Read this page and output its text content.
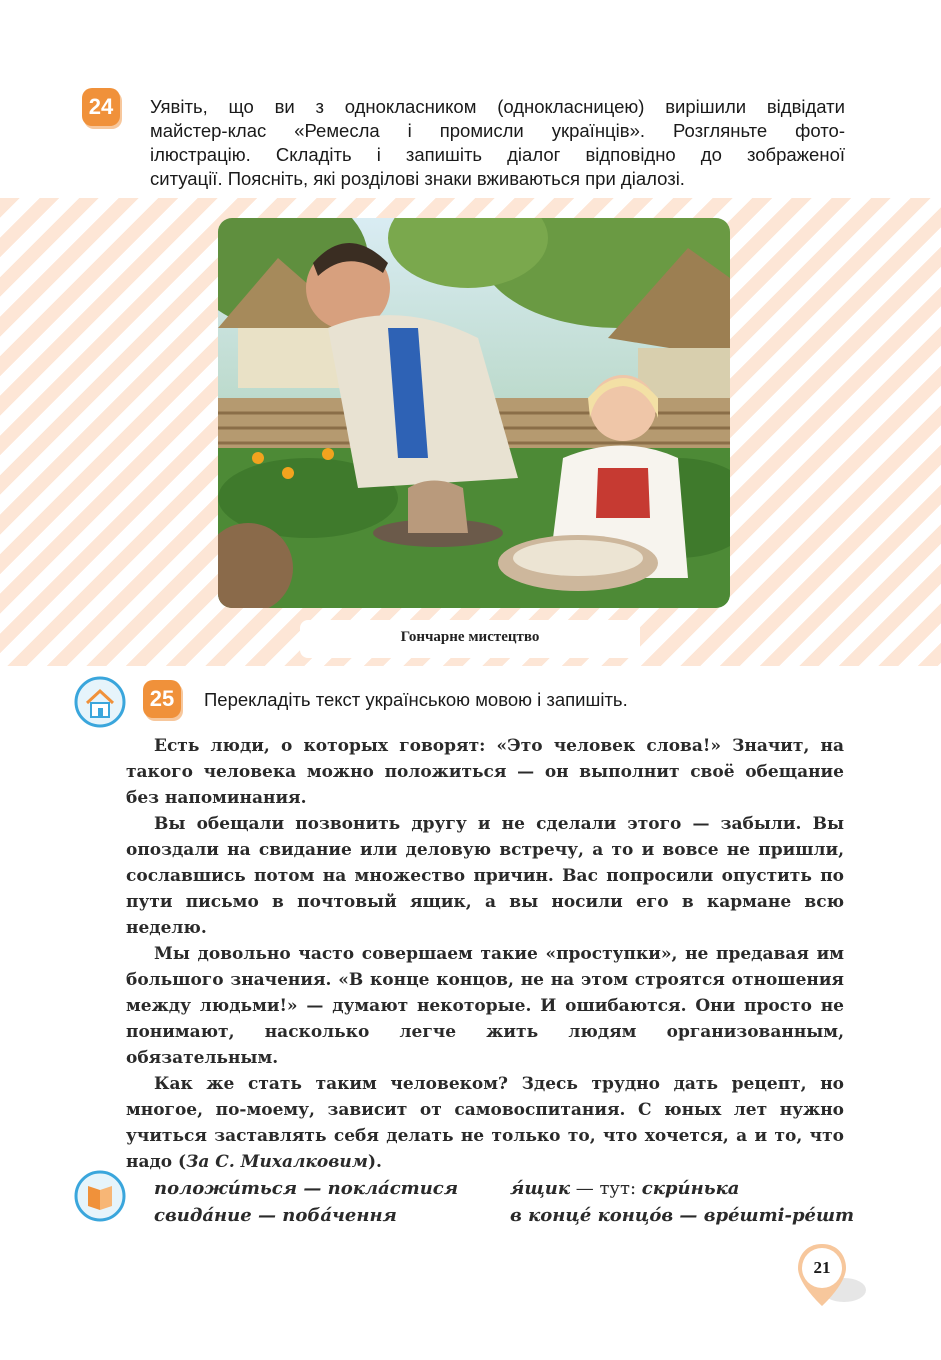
24 Уявіть, що ви з однокласником (однокласницею) вирішили відвідати
майстер-клас «Ремесла і промисли українців». Розгляньте фото-
ілюстрацію. Складіть і запишіть діалог відповідно до зображеної
ситуації. Поясніть, які розділові знаки вживаються при діалозі.
Гончарне мистецтво
25 Перекладіть текст українською мовою і запишіть.

Есть люди, о которых говорят: «Это человек слова!» Значит, на такого человека можно положиться — он выполнит своё обещание без напоминания.

Вы обещали позвонить другу и не сделали этого — забыли. Вы опоздали на свидание или деловую встречу, а то и вовсе не пришли, сославшись потом на множество причин. Вас попросили опустить по пути письмо в почтовый ящик, а вы носили его в кармане всю неделю.

Мы довольно часто совершаем такие «проступки», не предавая им большого значения. «В конце концов, не на этом строятся отношения между людьми!» — думают некоторые. И ошибаются. Они просто не понимают, насколько легче жить людям организованным, обязательным.

Как же стать таким человеком? Здесь трудно дать рецепт, но многое, по-моему, зависит от самовоспитания. С юных лет нужно учиться заставлять себя делать не только то, что хочется, а и то, что надо (За С. Михалковим).

положи́ться — покла́стися
свида́ние — поба́чення
я́щик — тут: скри́нька
в концé концо́в — врéшті-рéшт
21
